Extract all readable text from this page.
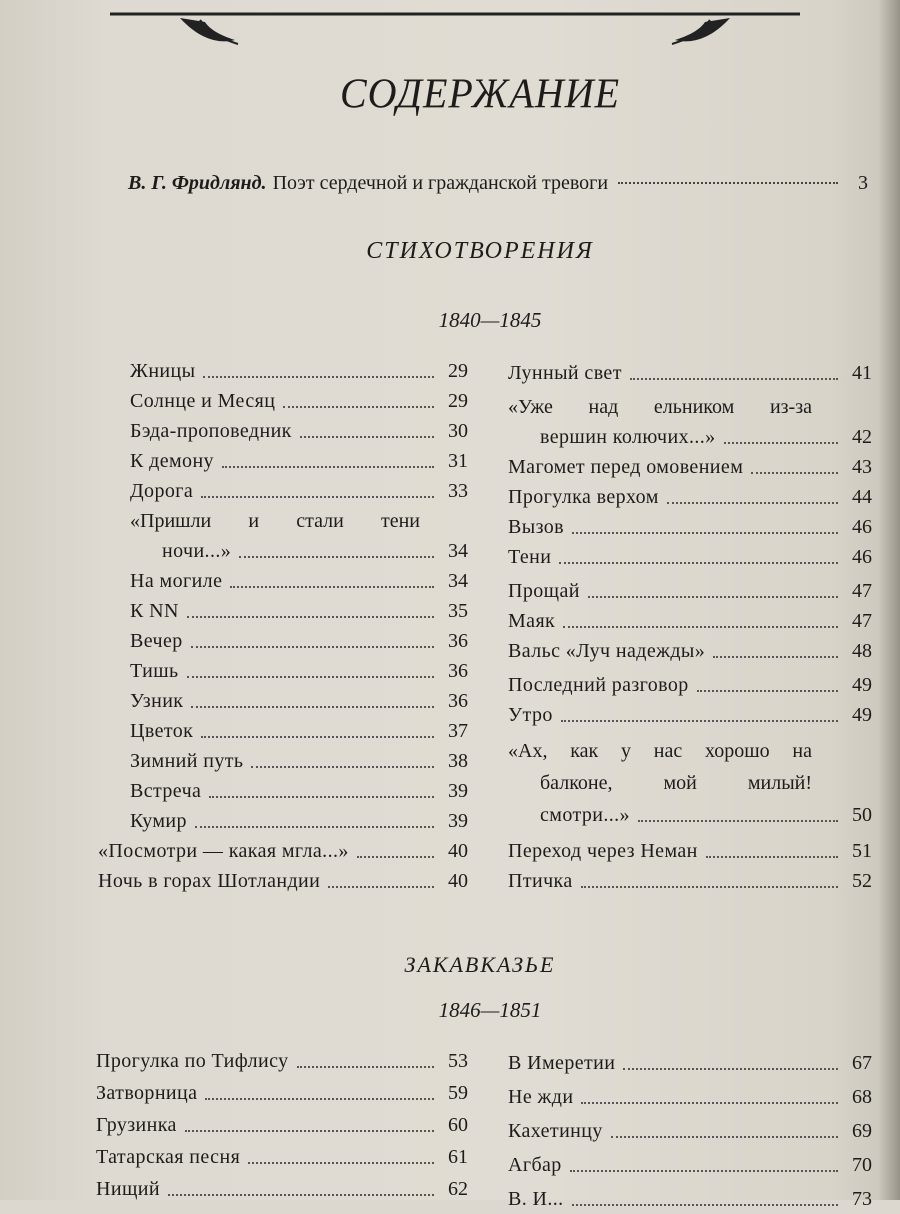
СОДЕРЖАНИЕ
В. Г. Фридлянд. Поэт сердечной и гражданской тревоги	3
СТИХОТВОРЕНИЯ
1840—1845
Жницы	29
Солнце и Месяц	29
Бэда-проповедник	30
К демону	31
Дорога	33
«Пришли и стали тени
ночи...»	34
На могиле	34
К NN	35
Вечер	36
Тишь	36
Узник	36
Цветок	37
Зимний путь	38
Встреча	39
Кумир	39
«Посмотри — какая мгла...»	40
Ночь в горах Шотландии	40
Лунный свет	41
«Уже над ельником из-за
вершин колючих...»	42
Магомет перед омовением	43
Прогулка верхом	44
Вызов	46
Тени	46
Прощай	47
Маяк	47
Вальс «Луч надежды»	48
Последний разговор	49
Утро	49
«Ах, как у нас хорошо на
балконе, мой милый!
смотри...»	50
Переход через Неман	51
Птичка	52
ЗАКАВКАЗЬЕ
1846—1851
Прогулка по Тифлису	53
Затворница	59
Грузинка	60
Татарская песня	61
Нищий	62
В Имеретии	67
Не жди	68
Кахетинцу	69
Агбар	70
В. И...	73
